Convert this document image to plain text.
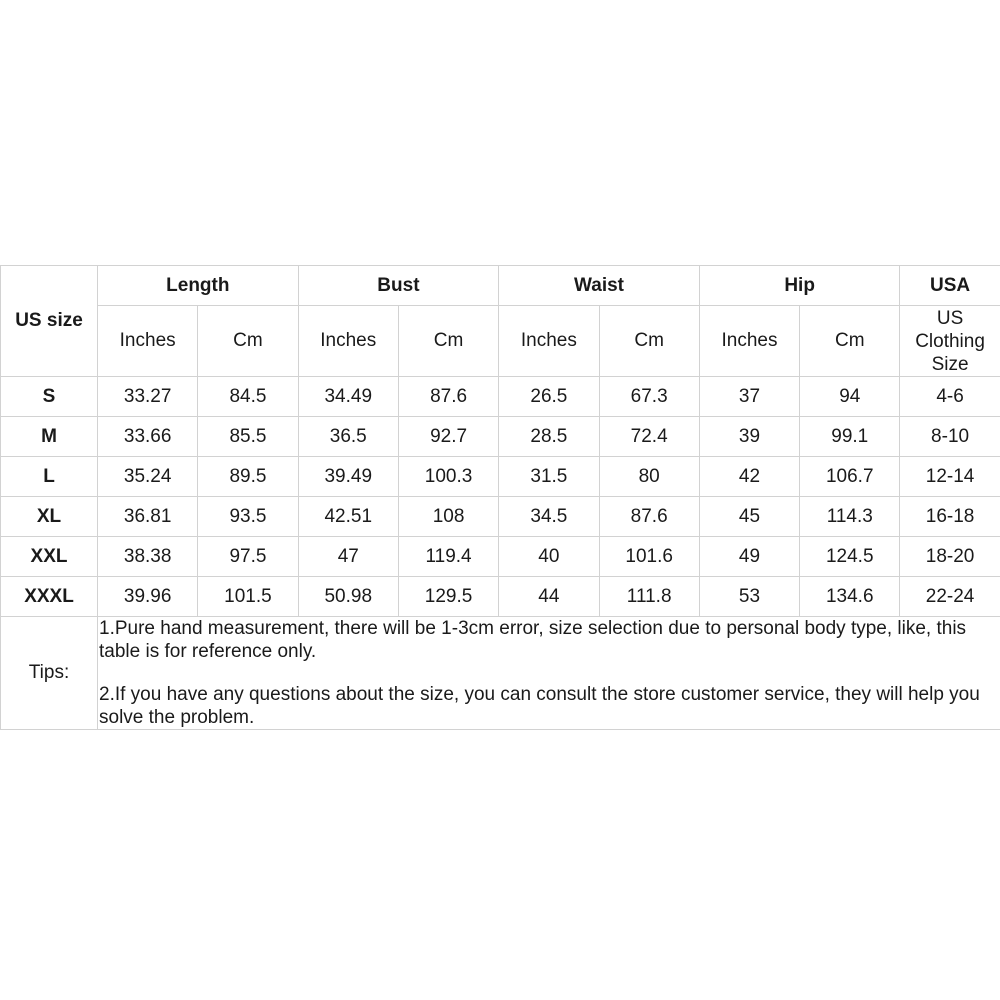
US size	Length		Bust		Waist		Hip		USA
	Inches	Cm	Inches	Cm	Inches	Cm	Inches	Cm	US Clothing Size
S	33.27	84.5	34.49	87.6	26.5	67.3	37	94	4-6
M	33.66	85.5	36.5	92.7	28.5	72.4	39	99.1	8-10
L	35.24	89.5	39.49	100.3	31.5	80	42	106.7	12-14
XL	36.81	93.5	42.51	108	34.5	87.6	45	114.3	16-18
XXL	38.38	97.5	47	119.4	40	101.6	49	124.5	18-20
XXXL	39.96	101.5	50.98	129.5	44	111.8	53	134.6	22-24
Tips:	1.Pure hand measurement, there will be 1-3cm error, size selection due to personal body type, like, this table is for reference only.

2.If you have any questions about the size, you can consult the store customer service, they will help you solve the problem.								
